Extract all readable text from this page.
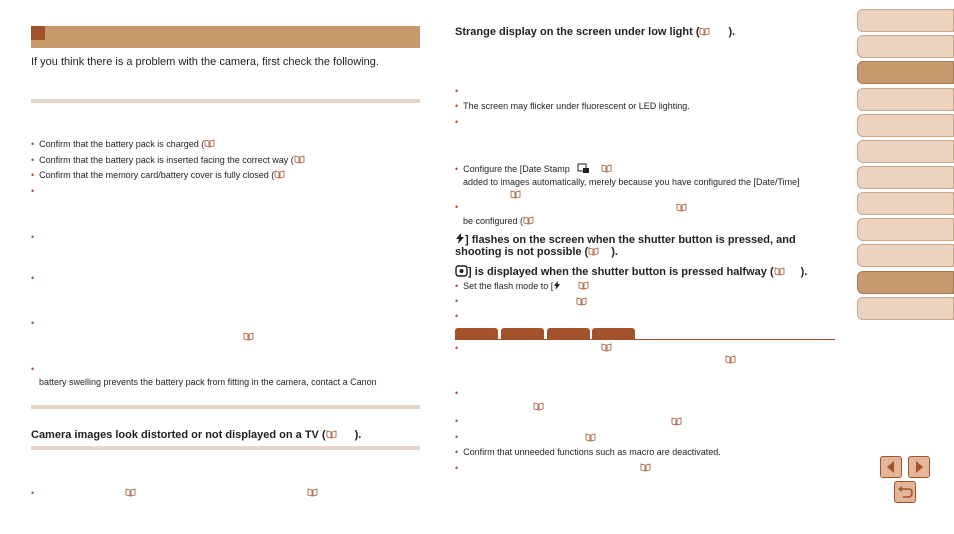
If you think there is a problem with the camera, first check the following.
• Confirm that the battery pack is charged (
• Confirm that the battery pack is inserted facing the correct way (
• Confirm that the memory card/battery cover is fully closed (
•
•
•
•
•
battery swelling prevents the battery pack from fitting in the camera, contact a Canon
Camera images look distorted or not displayed on a TV (	).
•
Strange display on the screen under low light (	).
•
• The screen may flicker under fluorescent or LED lighting.
•
• Configure the [Date Stamp
added to images automatically, merely because you have configured the [Date/Time]
•
be configured (
] flashes on the screen when the shutter button is pressed, and
shooting is not possible ( ).
] is displayed when the shutter button is pressed halfway ( ).
• Set the flash mode to [
•
•
•
•
•
•
• Confirm that unneeded functions such as macro are deactivated.
•
